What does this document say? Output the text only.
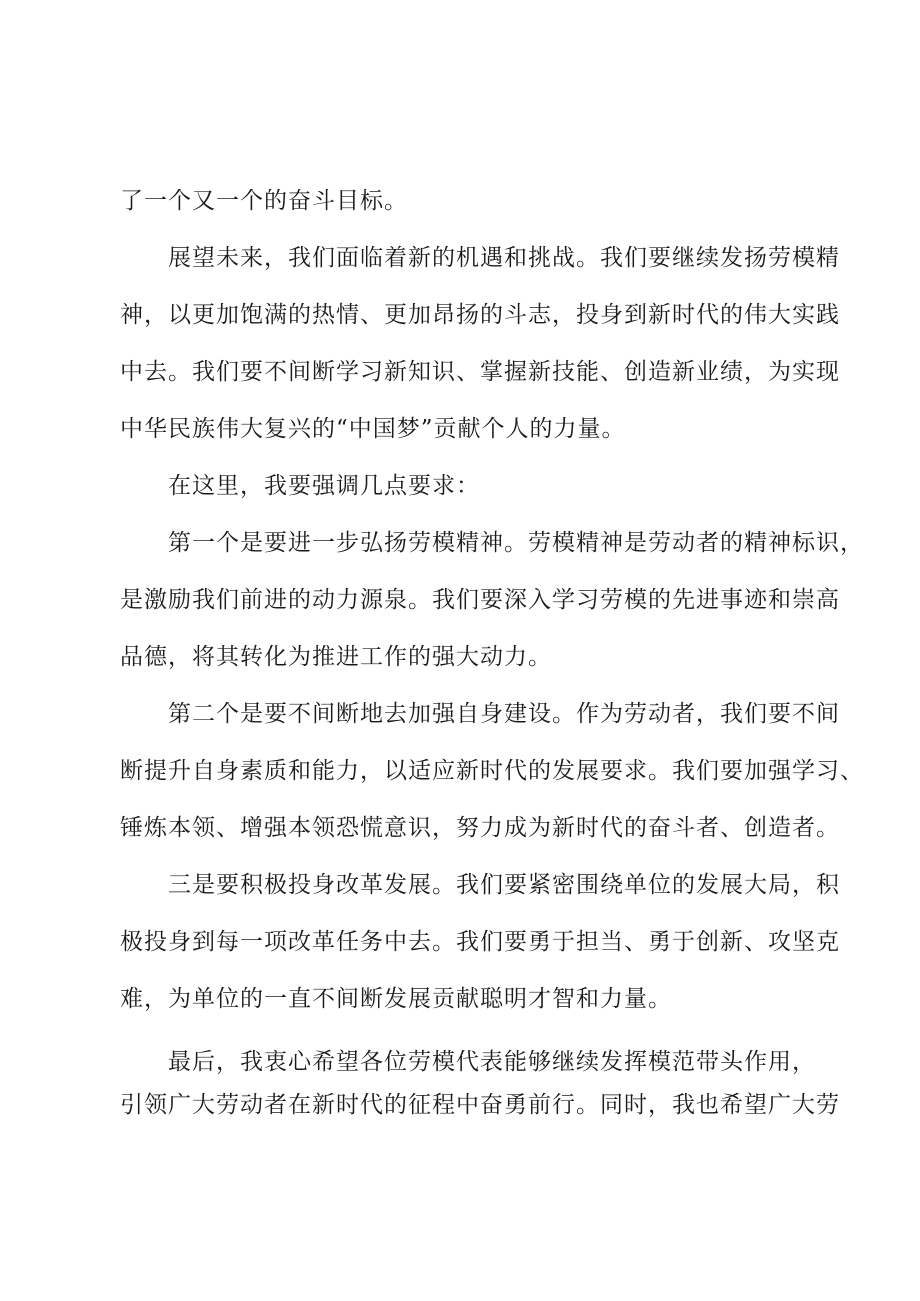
了一个又一个的奋斗目标。
展望未来，我们面临着新的机遇和挑战。我们要继续发扬劳模精
神，以更加饱满的热情、更加昂扬的斗志，投身到新时代的伟大实践
中去。我们要不间断学习新知识、掌握新技能、创造新业绩，为实现
中华民族伟大复兴的“中国梦”贡献个人的力量。
在这里，我要强调几点要求：
第一个是要进一步弘扬劳模精神。劳模精神是劳动者的精神标识，
是激励我们前进的动力源泉。我们要深入学习劳模的先进事迹和崇高
品德，将其转化为推进工作的强大动力。
第二个是要不间断地去加强自身建设。作为劳动者，我们要不间
断提升自身素质和能力，以适应新时代的发展要求。我们要加强学习、
锤炼本领、增强本领恐慌意识，努力成为新时代的奋斗者、创造者。
三是要积极投身改革发展。我们要紧密围绕单位的发展大局，积
极投身到每一项改革任务中去。我们要勇于担当、勇于创新、攻坚克
难，为单位的一直不间断发展贡献聪明才智和力量。
最后，我衷心希望各位劳模代表能够继续发挥模范带头作用，
引领广大劳动者在新时代的征程中奋勇前行。同时，我也希望广大劳
